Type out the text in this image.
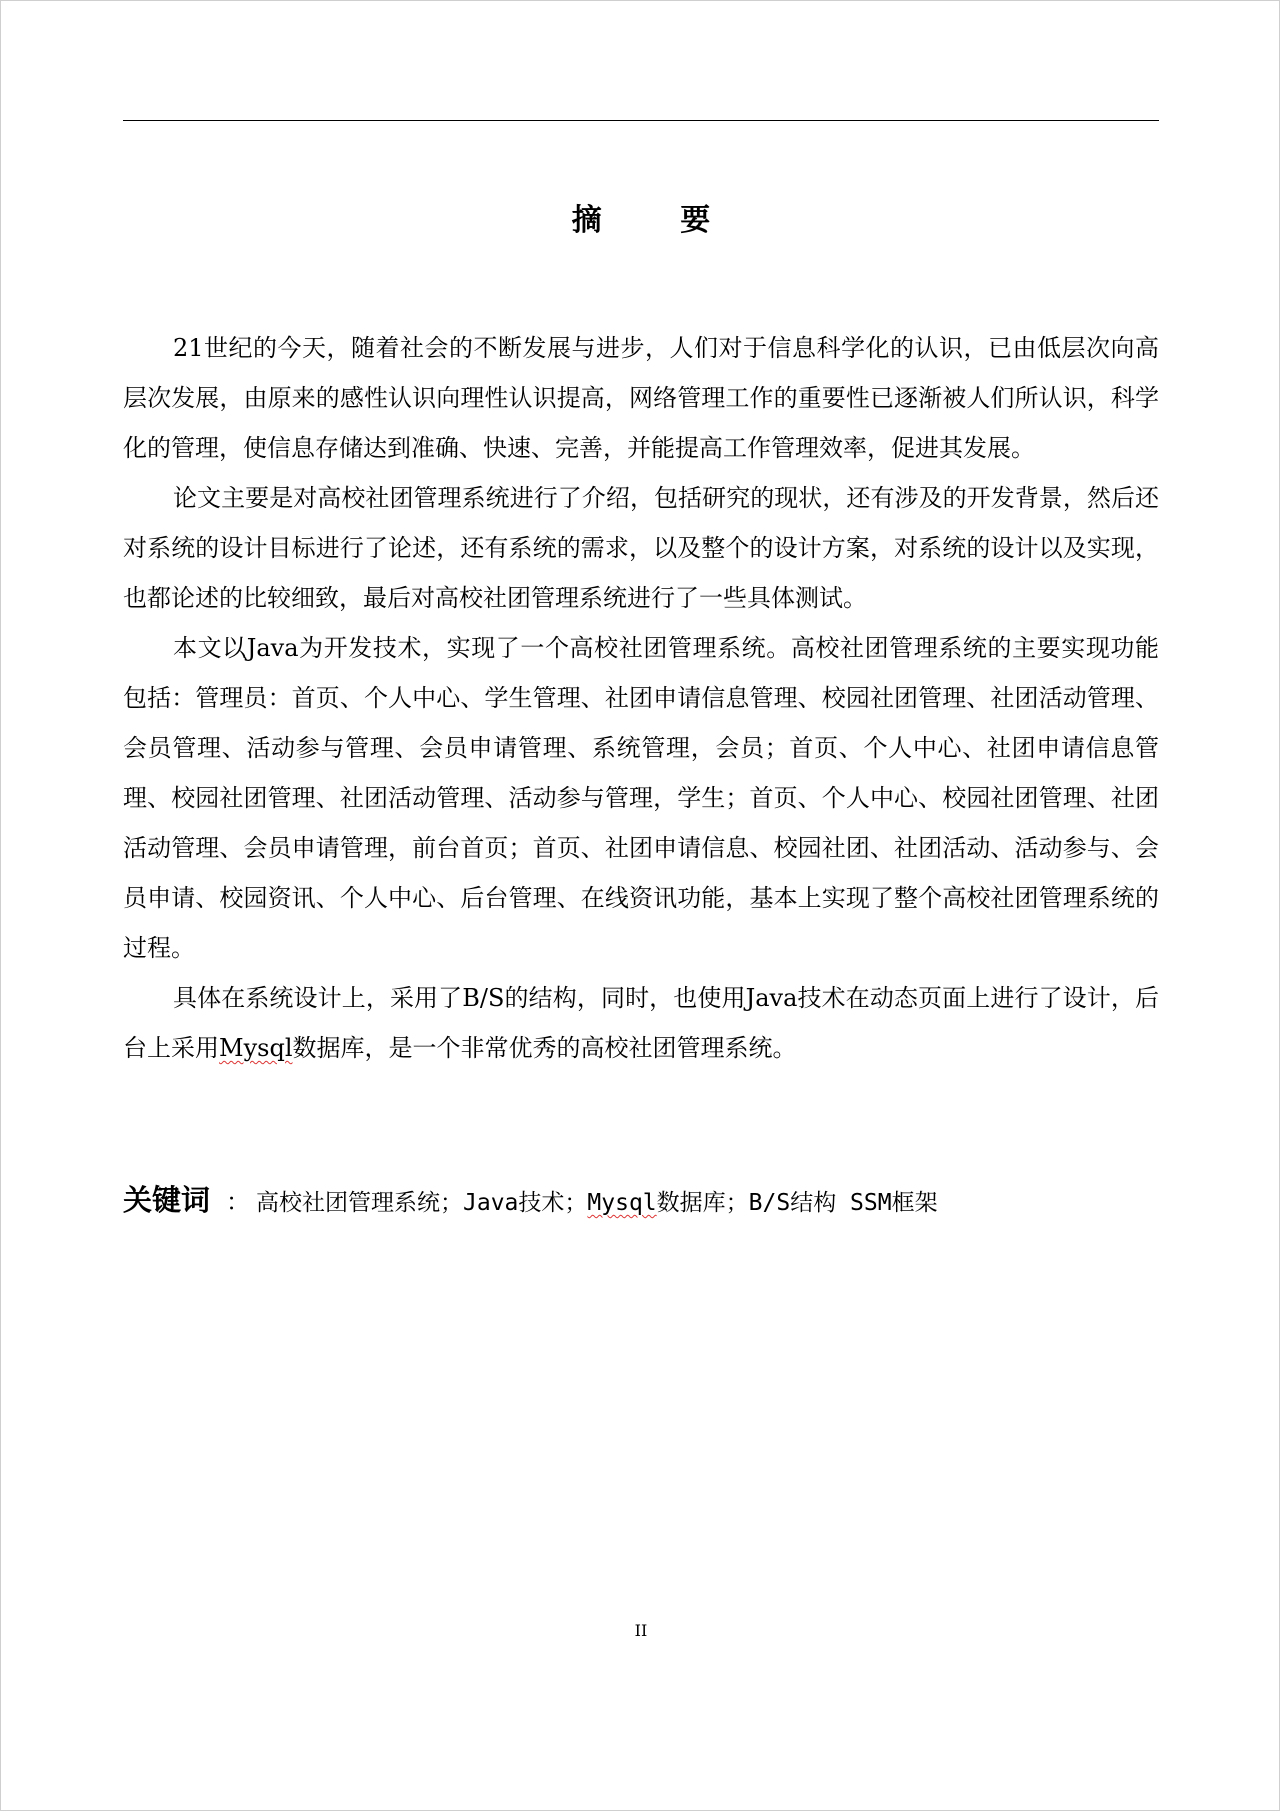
摘 要

21世纪的今天，随着社会的不断发展与进步，人们对于信息科学化的认识，已由低层次向高层次发展，由原来的感性认识向理性认识提高，网络管理工作的重要性已逐渐被人们所认识，科学化的管理，使信息存储达到准确、快速、完善，并能提高工作管理效率，促进其发展。

论文主要是对高校社团管理系统进行了介绍，包括研究的现状，还有涉及的开发背景，然后还对系统的设计目标进行了论述，还有系统的需求，以及整个的设计方案，对系统的设计以及实现，也都论述的比较细致，最后对高校社团管理系统进行了一些具体测试。

本文以Java为开发技术，实现了一个高校社团管理系统。高校社团管理系统的主要实现功能包括：管理员：首页、个人中心、学生管理、社团申请信息管理、校园社团管理、社团活动管理、会员管理、活动参与管理、会员申请管理、系统管理，会员；首页、个人中心、社团申请信息管理、校园社团管理、社团活动管理、活动参与管理，学生；首页、个人中心、校园社团管理、社团活动管理、会员申请管理，前台首页；首页、社团申请信息、校园社团、社团活动、活动参与、会员申请、校园资讯、个人中心、后台管理、在线资讯功能，基本上实现了整个高校社团管理系统的过程。

具体在系统设计上，采用了B/S的结构，同时，也使用Java技术在动态页面上进行了设计，后台上采用Mysql数据库，是一个非常优秀的高校社团管理系统。

关键词 ： 高校社团管理系统；Java技术；Mysql数据库；B/S结构 SSM框架
II
